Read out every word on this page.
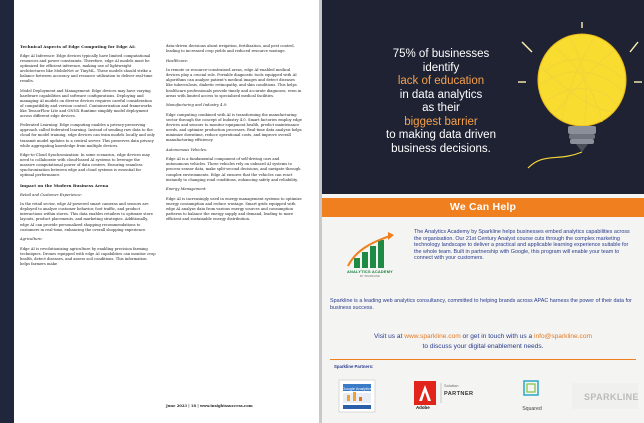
Technical Aspects of Edge Computing for Edge AI:

Edge AI Inference: Edge devices typically have limited computational resources and power constraints. Therefore, edge AI models must be optimized for efficient inference, making use of lightweight architectures like MobileNet or TinyML. These models should strike a balance between accuracy and resource utilization to deliver real-time results.

Model Deployment and Management: Edge devices may have varying hardware capabilities and software configurations. Deploying and managing AI models on diverse devices requires careful consideration of compatibility and version control. Containerization and frameworks like TensorFlow Lite and ONNX Runtime simplify model deployment across different edge devices.

Federated Learning: Edge computing enables a privacy-preserving approach called federated learning. Instead of sending raw data to the cloud for model training, edge devices can train models locally and only transmit model updates to a central server. This preserves data privacy while aggregating knowledge from multiple devices.

Edge-to-Cloud Synchronization: In some scenarios, edge devices may need to collaborate with cloud-based AI systems to leverage the massive computational power of data centers. Ensuring seamless synchronization between edge and cloud systems is essential for optimal performance.

Impact on the Modern Business Arena

Retail and Customer Experience:

In the retail sector, edge AI-powered smart cameras and sensors are deployed to analyze customer behavior, foot traffic, and product interactions within stores. This data enables retailers to optimize store layouts, product placements, and marketing strategies. Additionally, edge AI can provide personalized shopping recommendations to customers in real-time, enhancing the overall shopping experience.

Agriculture:

Edge AI is revolutionizing agriculture by enabling precision farming techniques. Drones equipped with edge AI capabilities can monitor crop health, detect diseases, and assess soil conditions. This information helps farmers make

data-driven decisions about irrigation, fertilization, and pest control, leading to increased crop yields and reduced resource wastage.

Healthcare:

In remote or resource-constrained areas, edge AI-enabled medical devices play a crucial role. Portable diagnostic tools equipped with AI algorithms can analyze patient's medical images and detect diseases like tuberculosis, diabetic retinopathy, and skin conditions. This helps healthcare professionals provide timely and accurate diagnoses, even in areas with limited access to specialized medical facilities.

Manufacturing and Industry 4.0:

Edge computing combined with AI is transforming the manufacturing sector through the concept of Industry 4.0. Smart factories employ edge devices and sensors to monitor equipment health, predict maintenance needs, and optimize production processes. Real-time data analysis helps minimize downtime, reduce operational costs, and improve overall manufacturing efficiency.

Autonomous Vehicles:

Edge AI is a fundamental component of self-driving cars and autonomous vehicles. These vehicles rely on onboard AI systems to process sensor data, make split-second decisions, and navigate through complex environments. Edge AI ensures that the vehicles can react instantly to changing road conditions, enhancing safety and reliability.

Energy Management:

Edge AI is increasingly used in energy management systems to optimize energy consumption and reduce wastage. Smart grids equipped with edge AI analyze data from various energy sources and consumption patterns to balance the energy supply and demand, leading to more efficient and sustainable energy distribution.

June 2023 | 18 | www.insightssuccess.com
75% of businesses
identify
lack of education
in data analytics
as their
biggest barrier
to making data driven
business decisions.
We Can Help
ANALYTICS ACADEMY
BY SPARKLINE
The Analytics Academy by Sparkline helps businesses embed analytics capabilities across the organisation. Our 21st Century Analyst course cuts through the complex marketing technology landscape to deliver a practical and applicable learning experience suitable for the whole team. Built in partnership with Google, this program will enable your team to connect with your customers.
Sparkline is a leading web analytics consultancy, committed to helping brands across APAC harness the power of their data for business success.
Visit us at www.sparkline.com or get in touch with us a info@sparkline.com
to discuss your digital enablement needs.
Sparkline Partners:
Google Analytics
Solution
PARTNER
Adobe	Squared
SPARKLINE
